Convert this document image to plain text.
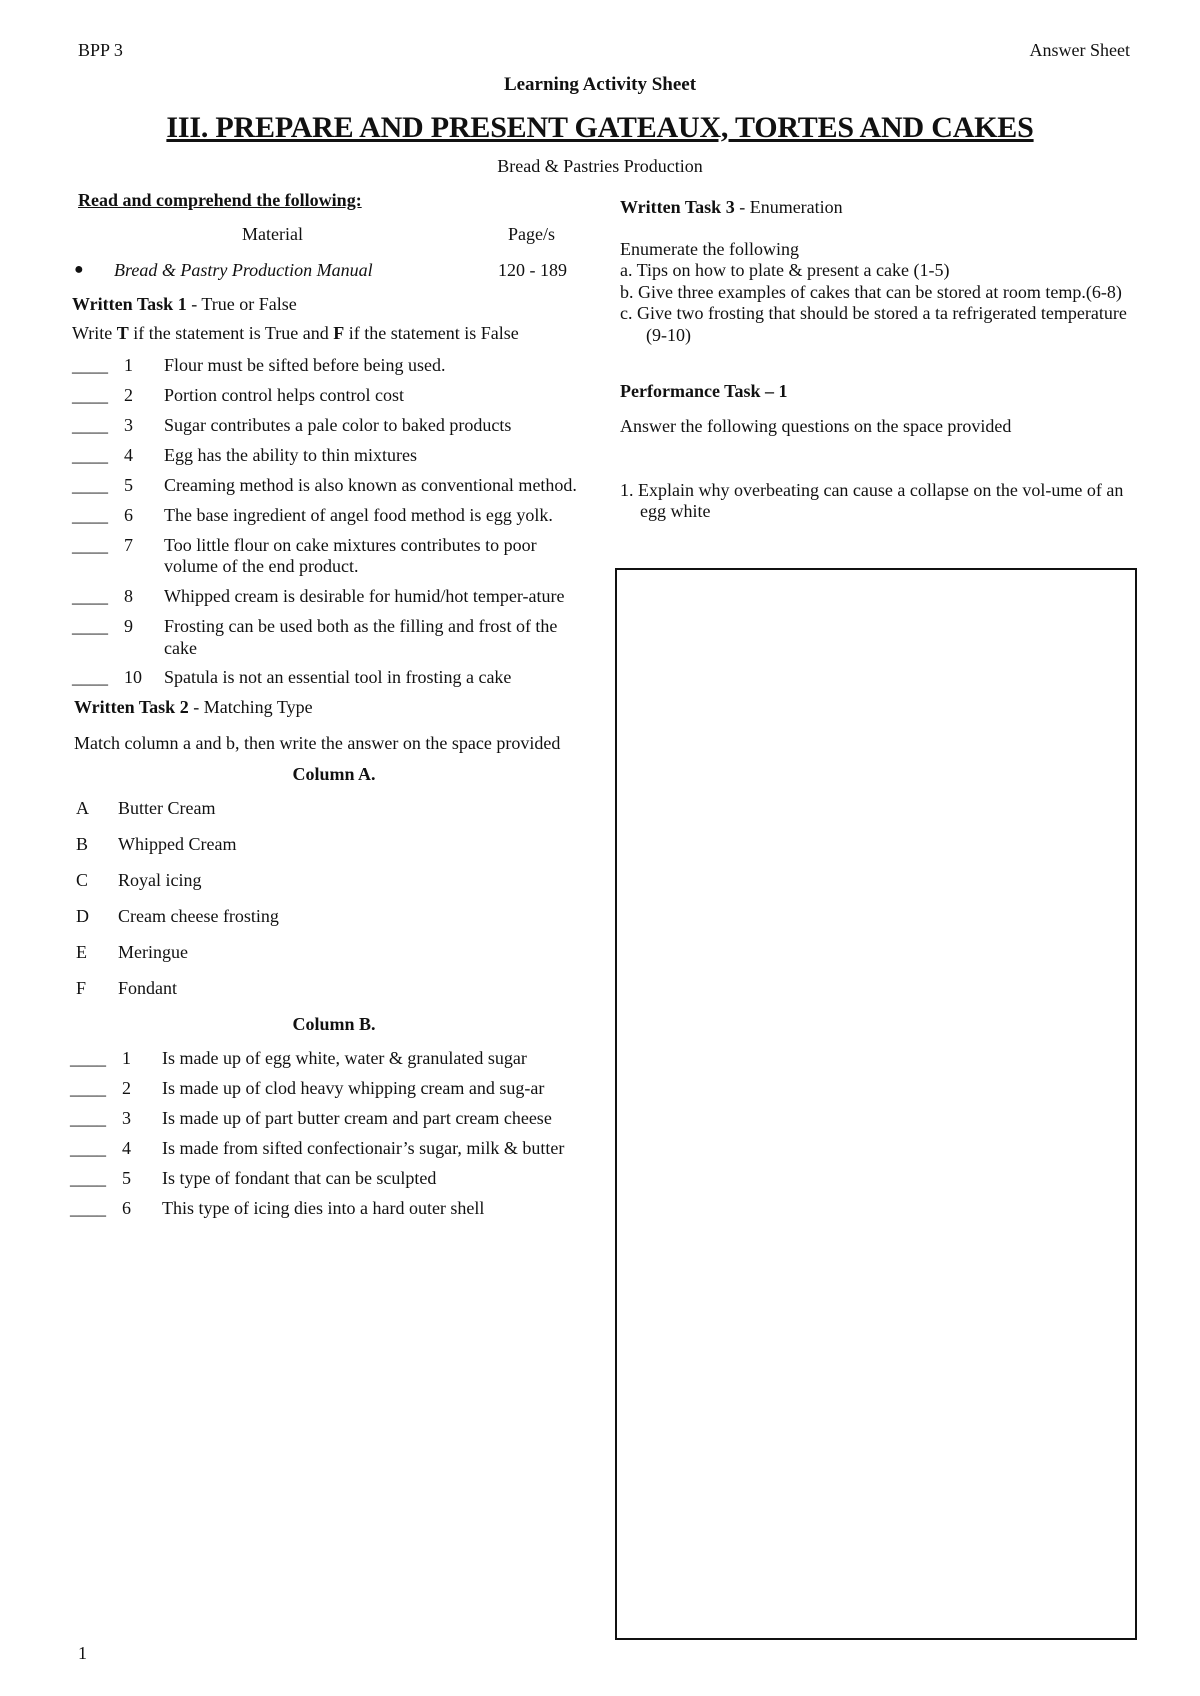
BPP 3	Answer Sheet
Learning Activity Sheet
III. PREPARE AND PRESENT GATEAUX, TORTES AND CAKES
Bread & Pastries Production
Read and comprehend the following:
Material	Page/s
● Bread & Pastry Production Manual	120 - 189
Written Task 1 - True or False
Write T if the statement is True and F if the statement is False
____ 1	Flour must be sifted before being used.
____ 2	Portion control helps control cost
____ 3	Sugar contributes a pale color to baked products
____ 4	Egg has the ability to thin mixtures
____ 5	Creaming method is also known as conventional method.
____ 6	The base ingredient of angel food method is egg yolk.
____ 7	Too little flour on cake mixtures contributes to poor volume of the end product.
____ 8	Whipped cream is desirable for humid/hot temper-ature
____ 9	Frosting can be used both as the filling and frost of the cake
____ 10	Spatula is not an essential tool in frosting a cake
Written Task 2 - Matching Type
Match column a and b, then write the answer on the space provided
Column A.
A Butter Cream
B Whipped Cream
C Royal icing
D Cream cheese frosting
E Meringue
F Fondant
Column B.
____ 1	Is made up of egg white, water & granulated sugar
____ 2	Is made up of clod heavy whipping cream and sug-ar
____ 3	Is made up of part butter cream and part cream cheese
____ 4	Is made from sifted confectionair’s sugar, milk & butter
____ 5	Is type of fondant that can be sculpted
____ 6	This type of icing dies into a hard outer shell
Written Task 3 - Enumeration
Enumerate the following
a. Tips on how to plate & present a cake (1-5)
b. Give three examples of cakes that can be stored at room temp.(6-8)
c. Give two frosting that should be stored a ta refrigerated temperature (9-10)
Performance Task – 1
Answer the following questions on the space provided
1. Explain why overbeating can cause a collapse on the vol-ume of an egg white
1
